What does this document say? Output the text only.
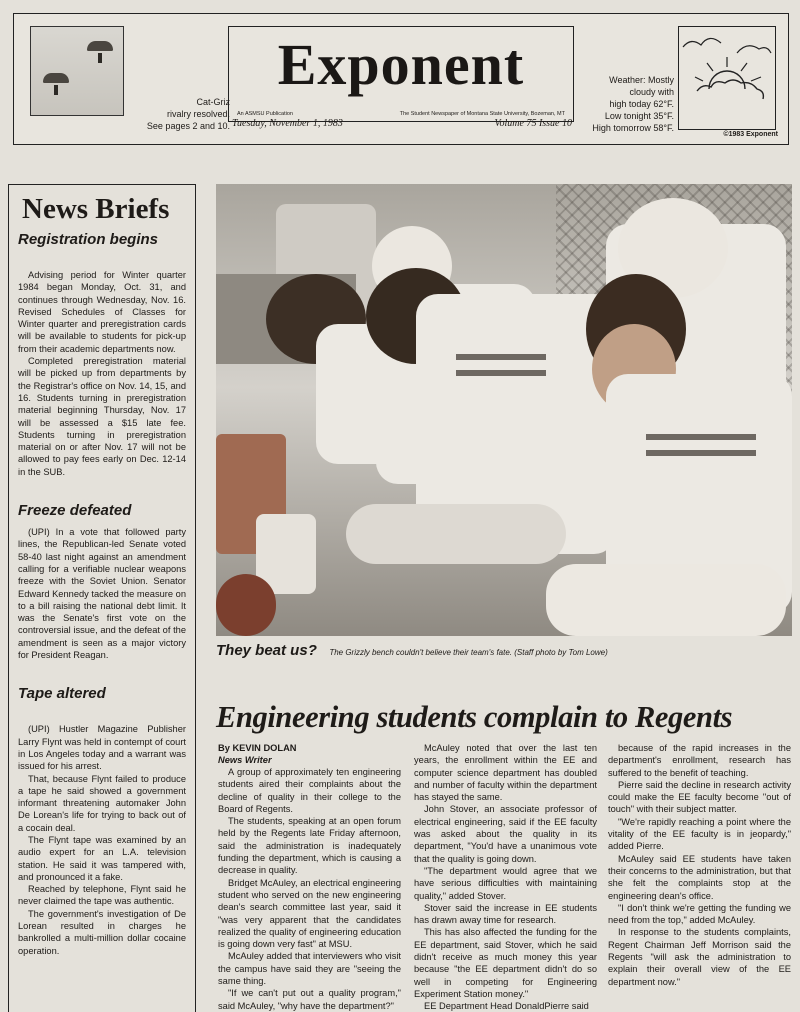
Cat-Griz
rivalry resolved.
See pages 2 and 10.
Exponent
An ASMSU Publication	The Student Newspaper of Montana State University, Bozeman, MT
Tuesday, November 1, 1983	Volume 75 Issue 10
Weather: Mostly
cloudy with
high today 62°F.
Low tonight 35°F.
High tomorrow 58°F.
©1983 Exponent
News Briefs
Registration begins

Advising period for Winter quarter 1984 began Monday, Oct. 31, and continues through Wednesday, Nov. 16. Revised Schedules of Classes for Winter quarter and preregistration cards will be available to students for pick-up from their academic departments now.

Completed preregistration material will be picked up from departments by the Registrar's office on Nov. 14, 15, and 16. Students turning in preregistration material beginning Thursday, Nov. 17 will be assessed a $15 late fee. Students turning in preregistration material on or after Nov. 17 will not be allowed to pay fees early on Dec. 12-14 in the SUB.

Freeze defeated

(UPI) In a vote that followed party lines, the Republican-led Senate voted 58-40 last night against an amendment calling for a verifiable nuclear weapons freeze with the Soviet Union. Senator Edward Kennedy tacked the measure on to a bill raising the national debt limit. It was the Senate's first vote on the controversial issue, and the defeat of the amendment is seen as a major victory for President Reagan.

Tape altered

(UPI) Hustler Magazine Publisher Larry Flynt was held in contempt of court in Los Angeles today and a warrant was issued for his arrest.

That, because Flynt failed to produce a tape he said showed a government informant threatening automaker John De Lorean's life for trying to back out of a cocain deal.

The Flynt tape was examined by an audio expert for an L.A. television station. He said it was tampered with, and pronounced it a fake.

Reached by telephone, Flynt said he never claimed the tape was authentic.

The government's investigation of De Lorean resulted in charges he bankrolled a multi-million dollar cocaine operation.

They beat us? The Grizzly bench couldn't believe their team's fate. (Staff photo by Tom Lowe)
Engineering students complain to Regents
By KEVIN DOLAN
News Writer

A group of approximately ten engineering students aired their complaints about the decline of quality in their college to the Board of Regents.

The students, speaking at an open forum held by the Regents late Friday afternoon, said the administration is inadequately funding the department, which is causing a decrease in quality.

Bridget McAuley, an electrical engineering student who served on the new engineering dean's search committee last year, said it "was very apparent that the candidates realized the quality of engineering education is going down very fast" at MSU.

McAuley added that interviewers who visit the campus have said they are "seeing the same thing.

"If we can't put out a quality program," said McAuley, "why have the department?"

McAuley noted that over the last ten years, the enrollment within the EE and computer science department has doubled and number of faculty within the department has stayed the same.

John Stover, an associate professor of electrical engineering, said if the EE faculty was asked about the quality in its department, "You'd have a unanimous vote that the quality is going down.

"The department would agree that we have serious difficulties with maintaining quality," added Stover.

Stover said the increase in EE students has drawn away time for research.

This has also affected the funding for the EE department, said Stover, which he said didn't receive as much money this year because "the EE department didn't do so well in competing for Engineering Experiment Station money."

EE Department Head DonaldPierre said

because of the rapid increases in the department's enrollment, research has suffered to the benefit of teaching.

Pierre said the decline in research activity could make the EE faculty become "out of touch" with their subject matter.

"We're rapidly reaching a point where the vitality of the EE faculty is in jeopardy," added Pierre.

McAuley said EE students have taken their concerns to the administration, but that she felt the complaints stop at the engineering dean's office.

"I don't think we're getting the funding we need from the top," added McAuley.

In response to the students complaints, Regent Chairman Jeff Morrison said the Regents "will ask the administration to explain their overall view of the EE department now."
